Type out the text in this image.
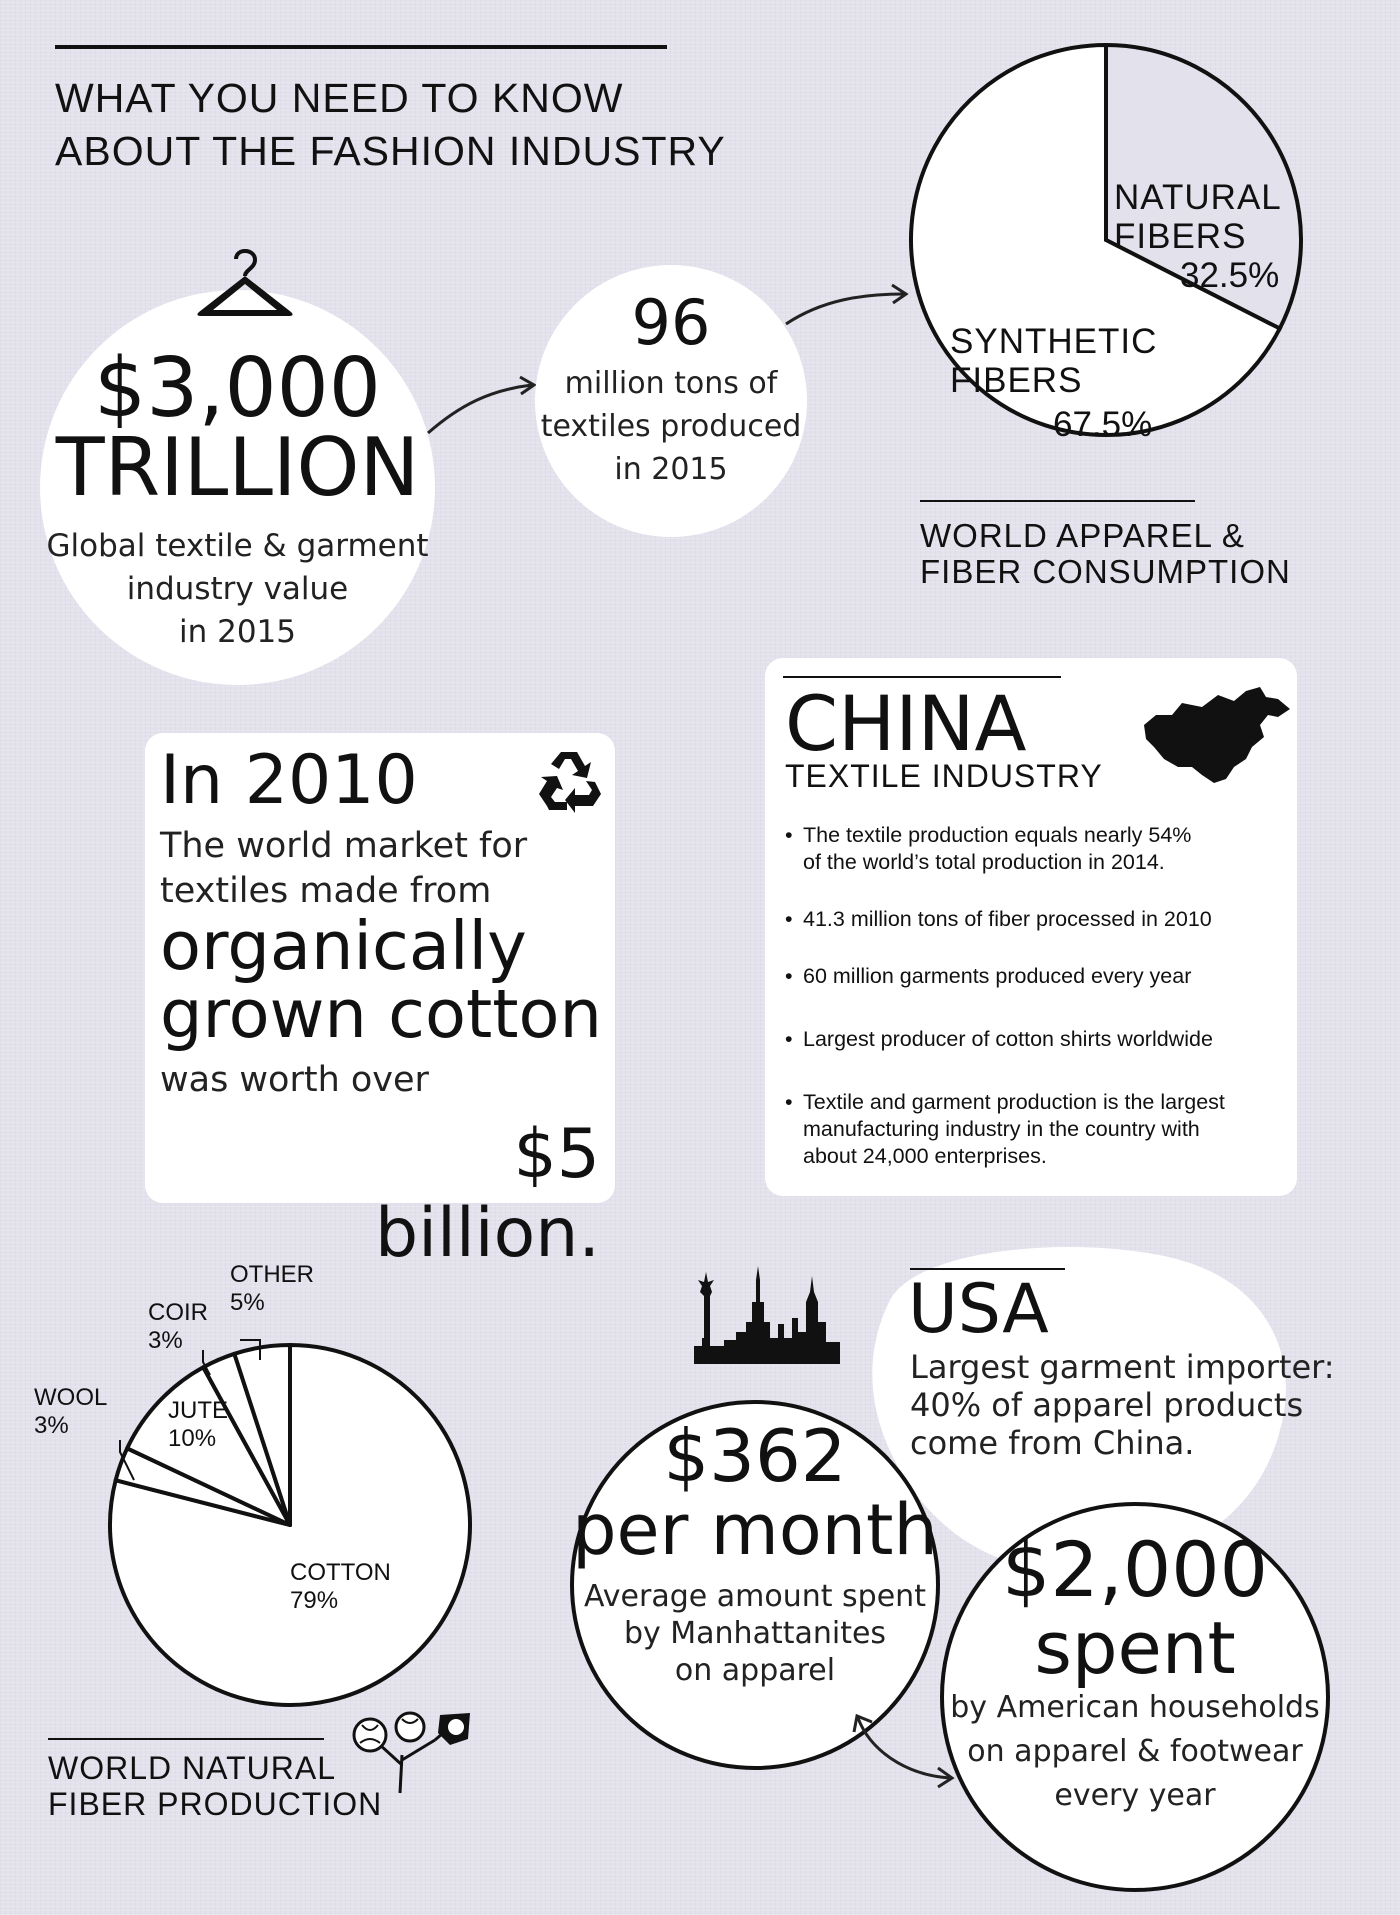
WHAT YOU NEED TO KNOW
ABOUT THE FASHION INDUSTRY
$3,000
TRILLION
Global textile & garment
industry value
in 2015
96
million tons of
textiles produced
in 2015
NATURAL
FIBERS
32.5%
SYNTHETIC
FIBERS
67.5%
WORLD APPAREL &
FIBER CONSUMPTION
In 2010
The world market for
textiles made from
organically
grown cotton
was worth over
$5 billion.
CHINA
TEXTILE INDUSTRY
• The textile production equals nearly 54%
of the world’s total production in 2014.
• 41.3 million tons of fiber processed in 2010
• 60 million garments produced every year
• Largest producer of cotton shirts worldwide
• Textile and garment production is the largest
manufacturing industry in the country with
about 24,000 enterprises.
COTTON
79%
WOOL
3%
JUTE
10%
COIR
3%
OTHER
5%
WORLD NATURAL
FIBER PRODUCTION
USA
Largest garment importer:
40% of apparel products
come from China.
$362
per month
Average amount spent
by Manhattanites
on apparel
$2,000
spent
by American households
on apparel & footwear
every year
